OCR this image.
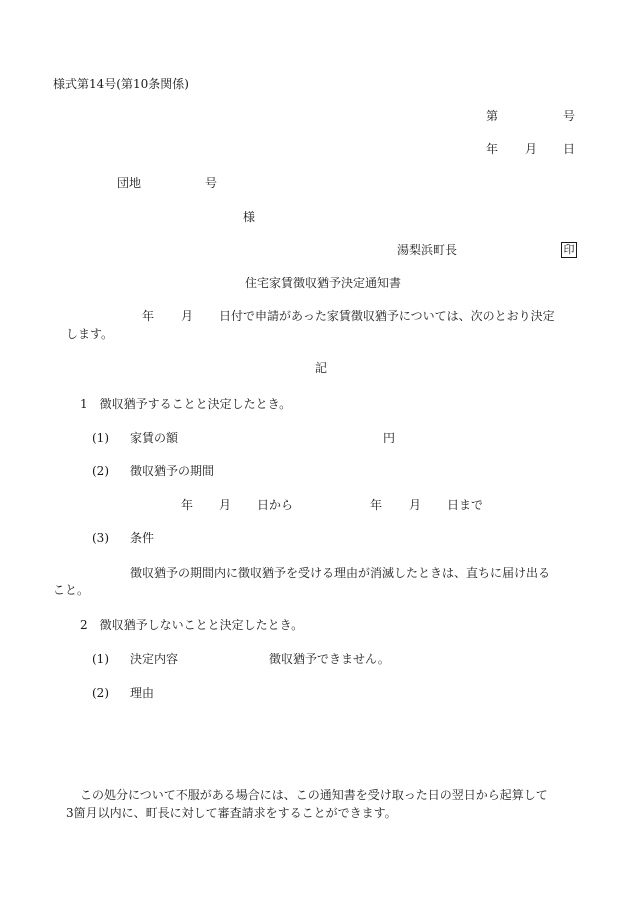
様式第14号(第10条関係)
第	号
年 月 日
団地	号
様
湯梨浜町長	印
住宅家賃徴収猶予決定通知書
年 月 日付で申請があった家賃徴収猶予については、次のとおり決定
します。
記
1　徴収猶予することと決定したとき。
(1) 家賃の額	円
(2) 徴収猶予の期間
年 月 日から	年 月 日まで
(3) 条件
徴収猶予の期間内に徴収猶予を受ける理由が消滅したときは、直ちに届け出る
こと。
2　徴収猶予しないことと決定したとき。
(1) 決定内容	徴収猶予できません。
(2) 理由
この処分について不服がある場合には、この通知書を受け取った日の翌日から起算して
3箇月以内に、町長に対して審査請求をすることができます。
